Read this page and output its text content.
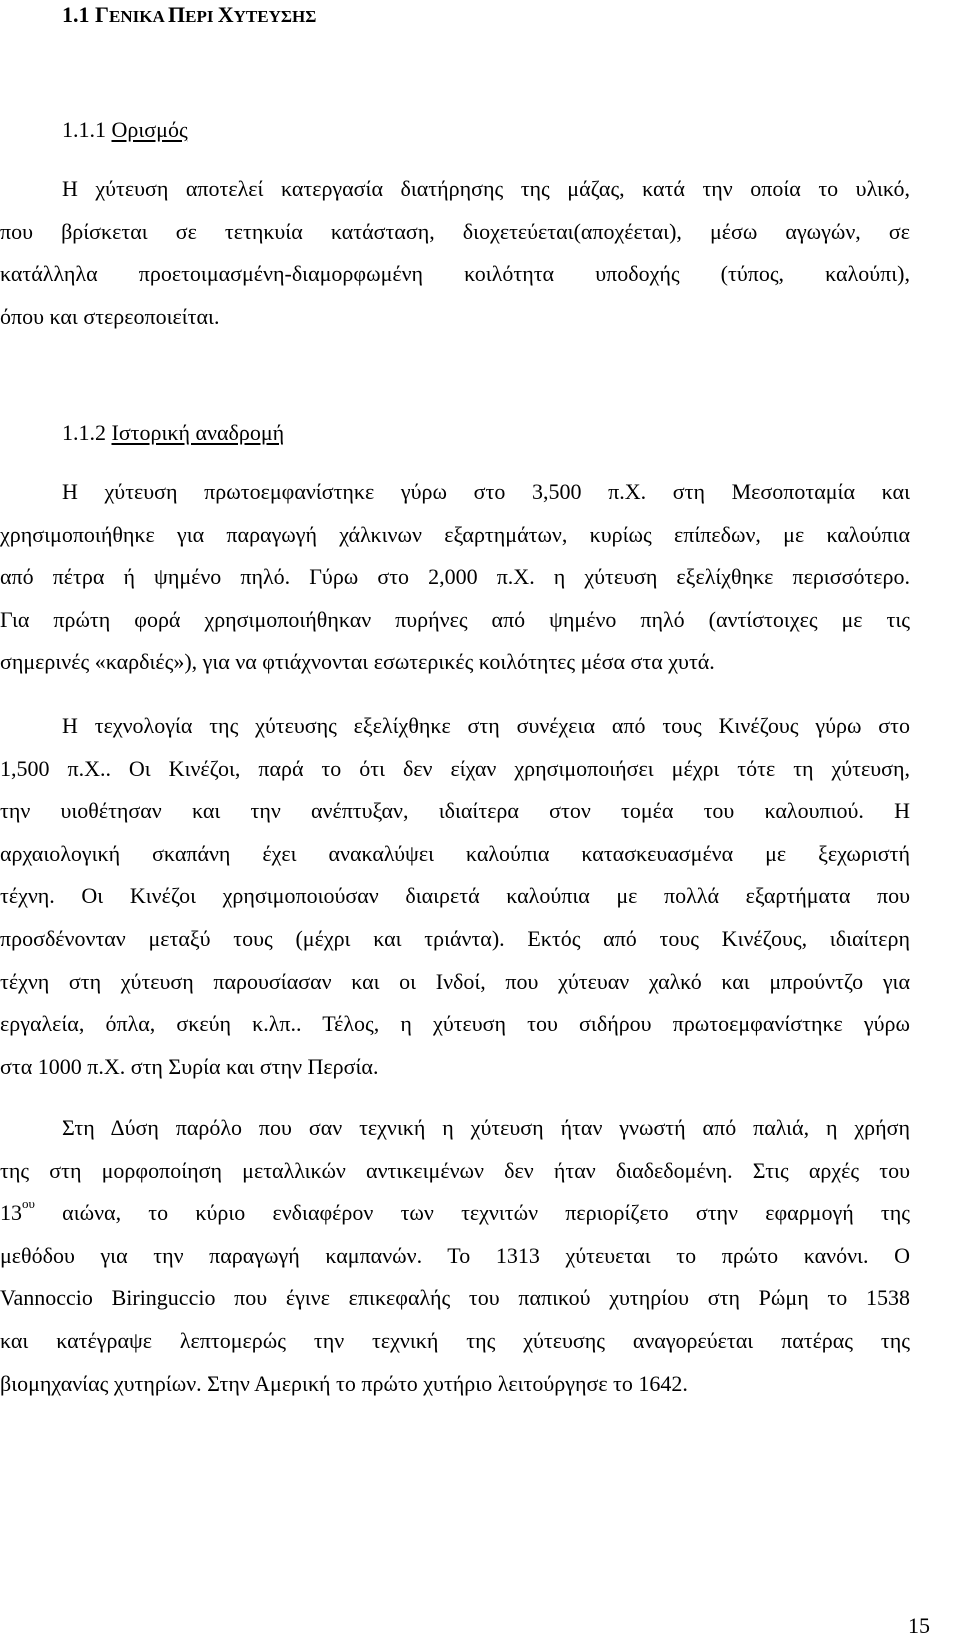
1.1 ΓΕΝΙΚΑ ΠΕΡΙ ΧΥΤΕΥΣΗΣ
1.1.1 Ορισμός
Η χύτευση αποτελεί κατεργασία διατήρησης της μάζας, κατά την οποία το υλικό,
που βρίσκεται σε τετηκυία κατάσταση, διοχετεύεται(αποχέεται), μέσω αγωγών, σε
κατάλληλα προετοιμασμένη-διαμορφωμένη κοιλότητα υποδοχής (τύπος, καλούπι),
όπου και στερεοποιείται.
1.1.2 Ιστορική αναδρομή
Η χύτευση πρωτοεμφανίστηκε γύρω στο 3,500 π.Χ. στη Μεσοποταμία και
χρησιμοποιήθηκε για παραγωγή χάλκινων εξαρτημάτων, κυρίως επίπεδων, με καλούπια
από πέτρα ή ψημένο πηλό. Γύρω στο 2,000 π.Χ. η χύτευση εξελίχθηκε περισσότερο.
Για πρώτη φορά χρησιμοποιήθηκαν πυρήνες από ψημένο πηλό (αντίστοιχες με τις
σημερινές «καρδιές»), για να φτιάχνονται εσωτερικές κοιλότητες μέσα στα χυτά.
Η τεχνολογία της χύτευσης εξελίχθηκε στη συνέχεια από τους Κινέζους γύρω στο
1,500 π.Χ.. Οι Κινέζοι, παρά το ότι δεν είχαν χρησιμοποιήσει μέχρι τότε τη χύτευση,
την υιοθέτησαν και την ανέπτυξαν, ιδιαίτερα στον τομέα του καλουπιού. Η
αρχαιολογική σκαπάνη έχει ανακαλύψει καλούπια κατασκευασμένα με ξεχωριστή
τέχνη. Οι Κινέζοι χρησιμοποιούσαν διαιρετά καλούπια με πολλά εξαρτήματα που
προσδένονταν μεταξύ τους (μέχρι και τριάντα). Εκτός από τους Κινέζους, ιδιαίτερη
τέχνη στη χύτευση παρουσίασαν και οι Ινδοί, που χύτευαν χαλκό και μπρούντζο για
εργαλεία, όπλα, σκεύη κ.λπ.. Τέλος, η χύτευση του σιδήρου πρωτοεμφανίστηκε γύρω
στα 1000 π.Χ. στη Συρία και στην Περσία.
Στη Δύση παρόλο που σαν τεχνική η χύτευση ήταν γνωστή από παλιά, η χρήση
της στη μορφοποίηση μεταλλικών αντικειμένων δεν ήταν διαδεδομένη. Στις αρχές του
$13^{o\upsilon}$ αιώνα, το κύριο ενδιαφέρον των τεχνιτών περιορίζετο στην εφαρμογή της
μεθόδου για την παραγωγή καμπανών. Το 1313 χύτευεται το πρώτο κανόνι. Ο
Vannoccio Biringuccio που έγινε επικεφαλής του παπικού χυτηρίου στη Ρώμη το 1538
και κατέγραψε λεπτομερώς την τεχνική της χύτευσης αναγορεύεται πατέρας της
βιομηχανίας χυτηρίων. Στην Αμερική το πρώτο χυτήριο λειτούργησε το 1642.
15
